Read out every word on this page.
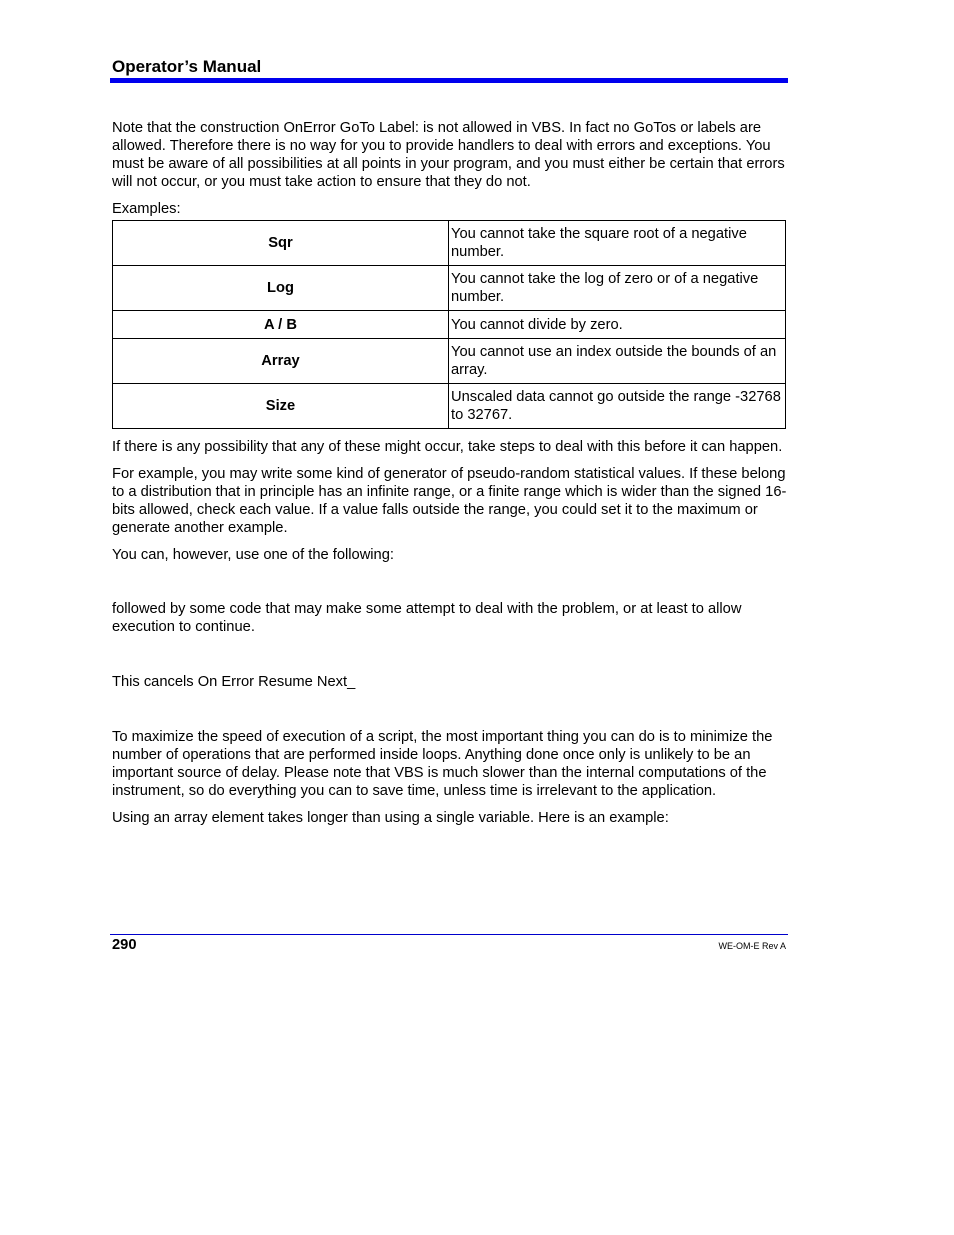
Operator’s Manual

Note that the construction OnError GoTo Label: is not allowed in VBS. In fact no GoTos or labels are allowed. Therefore there is no way for you to provide handlers to deal with errors and exceptions. You must be aware of all possibilities at all points in your program, and you must either be certain that errors will not occur, or you must take action to ensure that they do not.

Examples:

Sqr	You cannot take the square root of a negative number.
Log	You cannot take the log of zero or of a negative number.
A / B	You cannot divide by zero.
Array	You cannot use an index outside the bounds of an array.
Size	Unscaled data cannot go outside the range -32768 to 32767.

If there is any possibility that any of these might occur, take steps to deal with this before it can happen.

For example, you may write some kind of generator of pseudo-random statistical values. If these belong to a distribution that in principle has an infinite range, or a finite range which is wider than the signed 16-bits allowed, check each value. If a value falls outside the range, you could set it to the maximum or generate another example.

You can, however, use one of the following:

followed by some code that may make some attempt to deal with the problem, or at least to allow execution to continue.

This cancels On Error Resume Next_

To maximize the speed of execution of a script, the most important thing you can do is to minimize the number of operations that are performed inside loops. Anything done once only is unlikely to be an important source of delay. Please note that VBS is much slower than the internal computations of the instrument, so do everything you can to save time, unless time is irrelevant to the application.

Using an array element takes longer than using a single variable. Here is an example:

290	WE-OM-E Rev A
